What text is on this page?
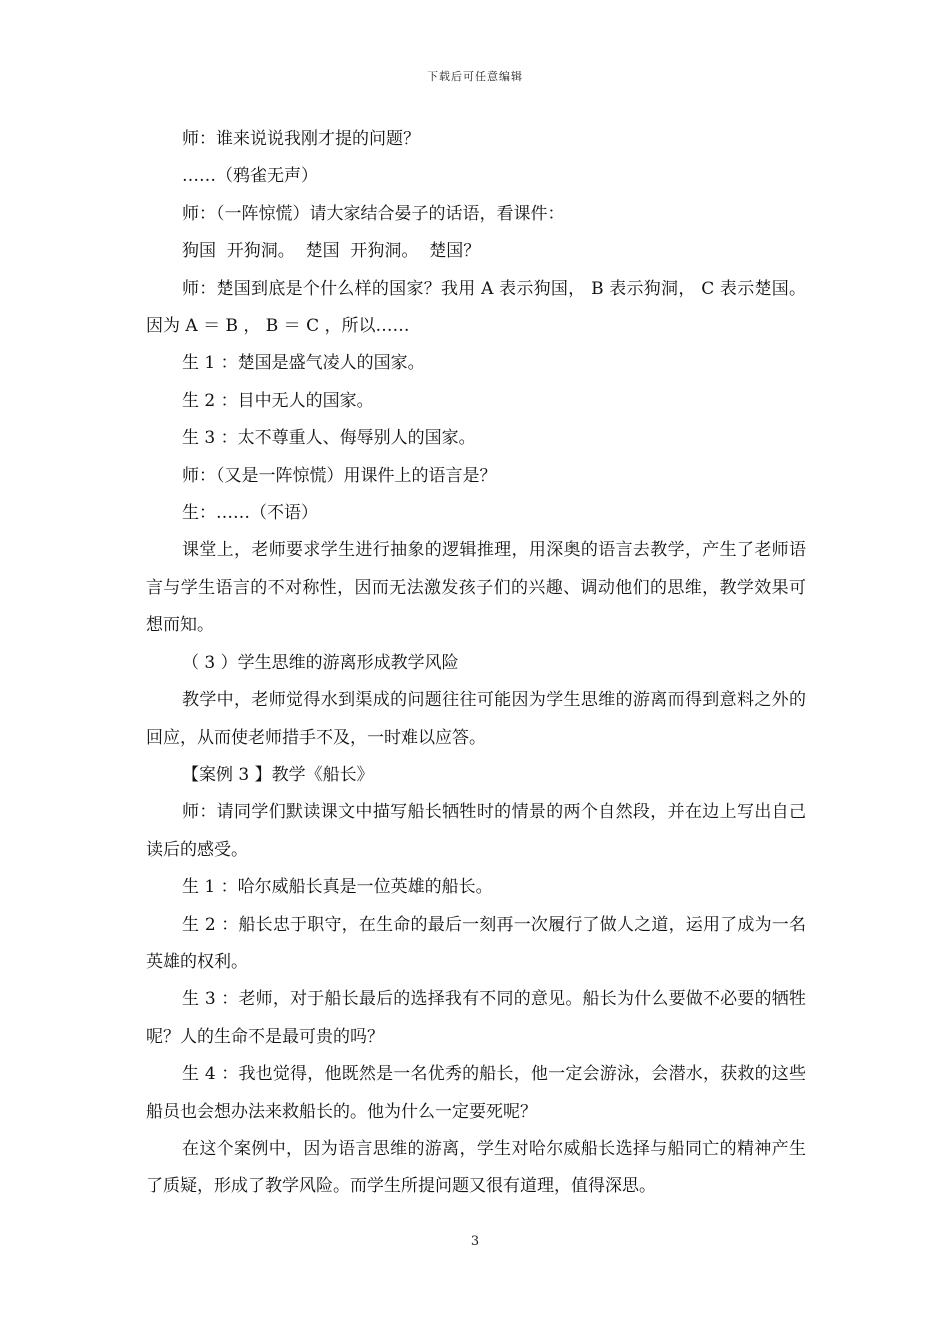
下载后可任意编辑

师：谁来说说我刚才提的问题？

……（鸦雀无声）

师：（一阵惊慌）请大家结合晏子的话语，看课件：

狗国  开狗洞。  楚国  开狗洞。  楚国？

师：楚国到底是个什么样的国家？我用 A 表示狗国， B 表示狗洞， C 表示楚国。因为 A ＝ B ， B ＝ C ，所以……

生 1 ：楚国是盛气凌人的国家。

生 2 ：目中无人的国家。

生 3 ：太不尊重人、侮辱别人的国家。

师：（又是一阵惊慌）用课件上的语言是？

生：……（不语）

课堂上，老师要求学生进行抽象的逻辑推理，用深奥的语言去教学，产生了老师语言与学生语言的不对称性，因而无法激发孩子们的兴趣、调动他们的思维，教学效果可想而知。

（ 3 ）学生思维的游离形成教学风险

教学中，老师觉得水到渠成的问题往往可能因为学生思维的游离而得到意料之外的回应，从而使老师措手不及，一时难以应答。

【案例 3 】教学《船长》

师：请同学们默读课文中描写船长牺牲时的情景的两个自然段，并在边上写出自己读后的感受。

生 1 ：哈尔威船长真是一位英雄的船长。

生 2 ：船长忠于职守，在生命的最后一刻再一次履行了做人之道，运用了成为一名英雄的权利。

生 3 ：老师，对于船长最后的选择我有不同的意见。船长为什么要做不必要的牺牲呢？人的生命不是最可贵的吗？

生 4 ：我也觉得，他既然是一名优秀的船长，他一定会游泳，会潜水，获救的这些船员也会想办法来救船长的。他为什么一定要死呢？

在这个案例中，因为语言思维的游离，学生对哈尔威船长选择与船同亡的精神产生了质疑，形成了教学风险。而学生所提问题又很有道理，值得深思。

3
